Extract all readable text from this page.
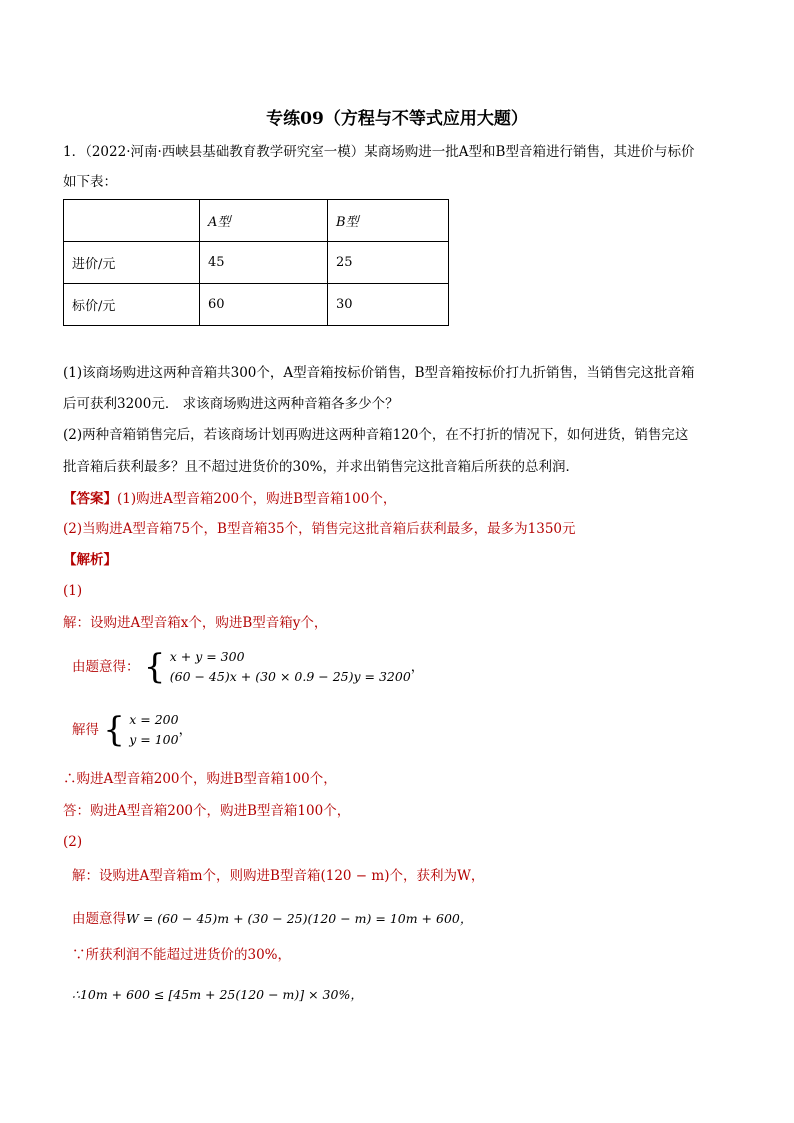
专练09（方程与不等式应用大题）
1．（2022·河南·西峡县基础教育教学研究室一模）某商场购进一批A型和B型音箱进行销售，其进价与标价
如下表：
	A型	B型
进价/元	45	25
标价/元	60	30
(1)该商场购进这两种音箱共300个，A型音箱按标价销售，B型音箱按标价打九折销售，当销售完这批音箱
后可获利3200元． 求该商场购进这两种音箱各多少个？
(2)两种音箱销售完后，若该商场计划再购进这两种音箱120个，在不打折的情况下，如何进货，销售完这
批音箱后获利最多？且不超过进货价的30%，并求出销售完这批音箱后所获的总利润．
【答案】(1)购进A型音箱200个，购进B型音箱100个，
(2)当购进A型音箱75个，B型音箱35个，销售完这批音箱后获利最多，最多为1350元
【解析】
(1)
解：设购进A型音箱x个，购进B型音箱y个，
由题意得： { x + y = 300
(60 − 45)x + (30 × 0.9 − 25)y = 3200
，
解得 { x = 200
y = 100
，
∴购进A型音箱200个，购进B型音箱100个，
答：购进A型音箱200个，购进B型音箱100个，
(2)
解：设购进A型音箱m个，则购进B型音箱(120 − m)个，获利为W，
由题意得W = (60 − 45)m + (30 − 25)(120 − m) = 10m + 600，
∵所获利润不能超过进货价的30%，
∴10m + 600 ≤ [45m + 25(120 − m)] × 30%，
